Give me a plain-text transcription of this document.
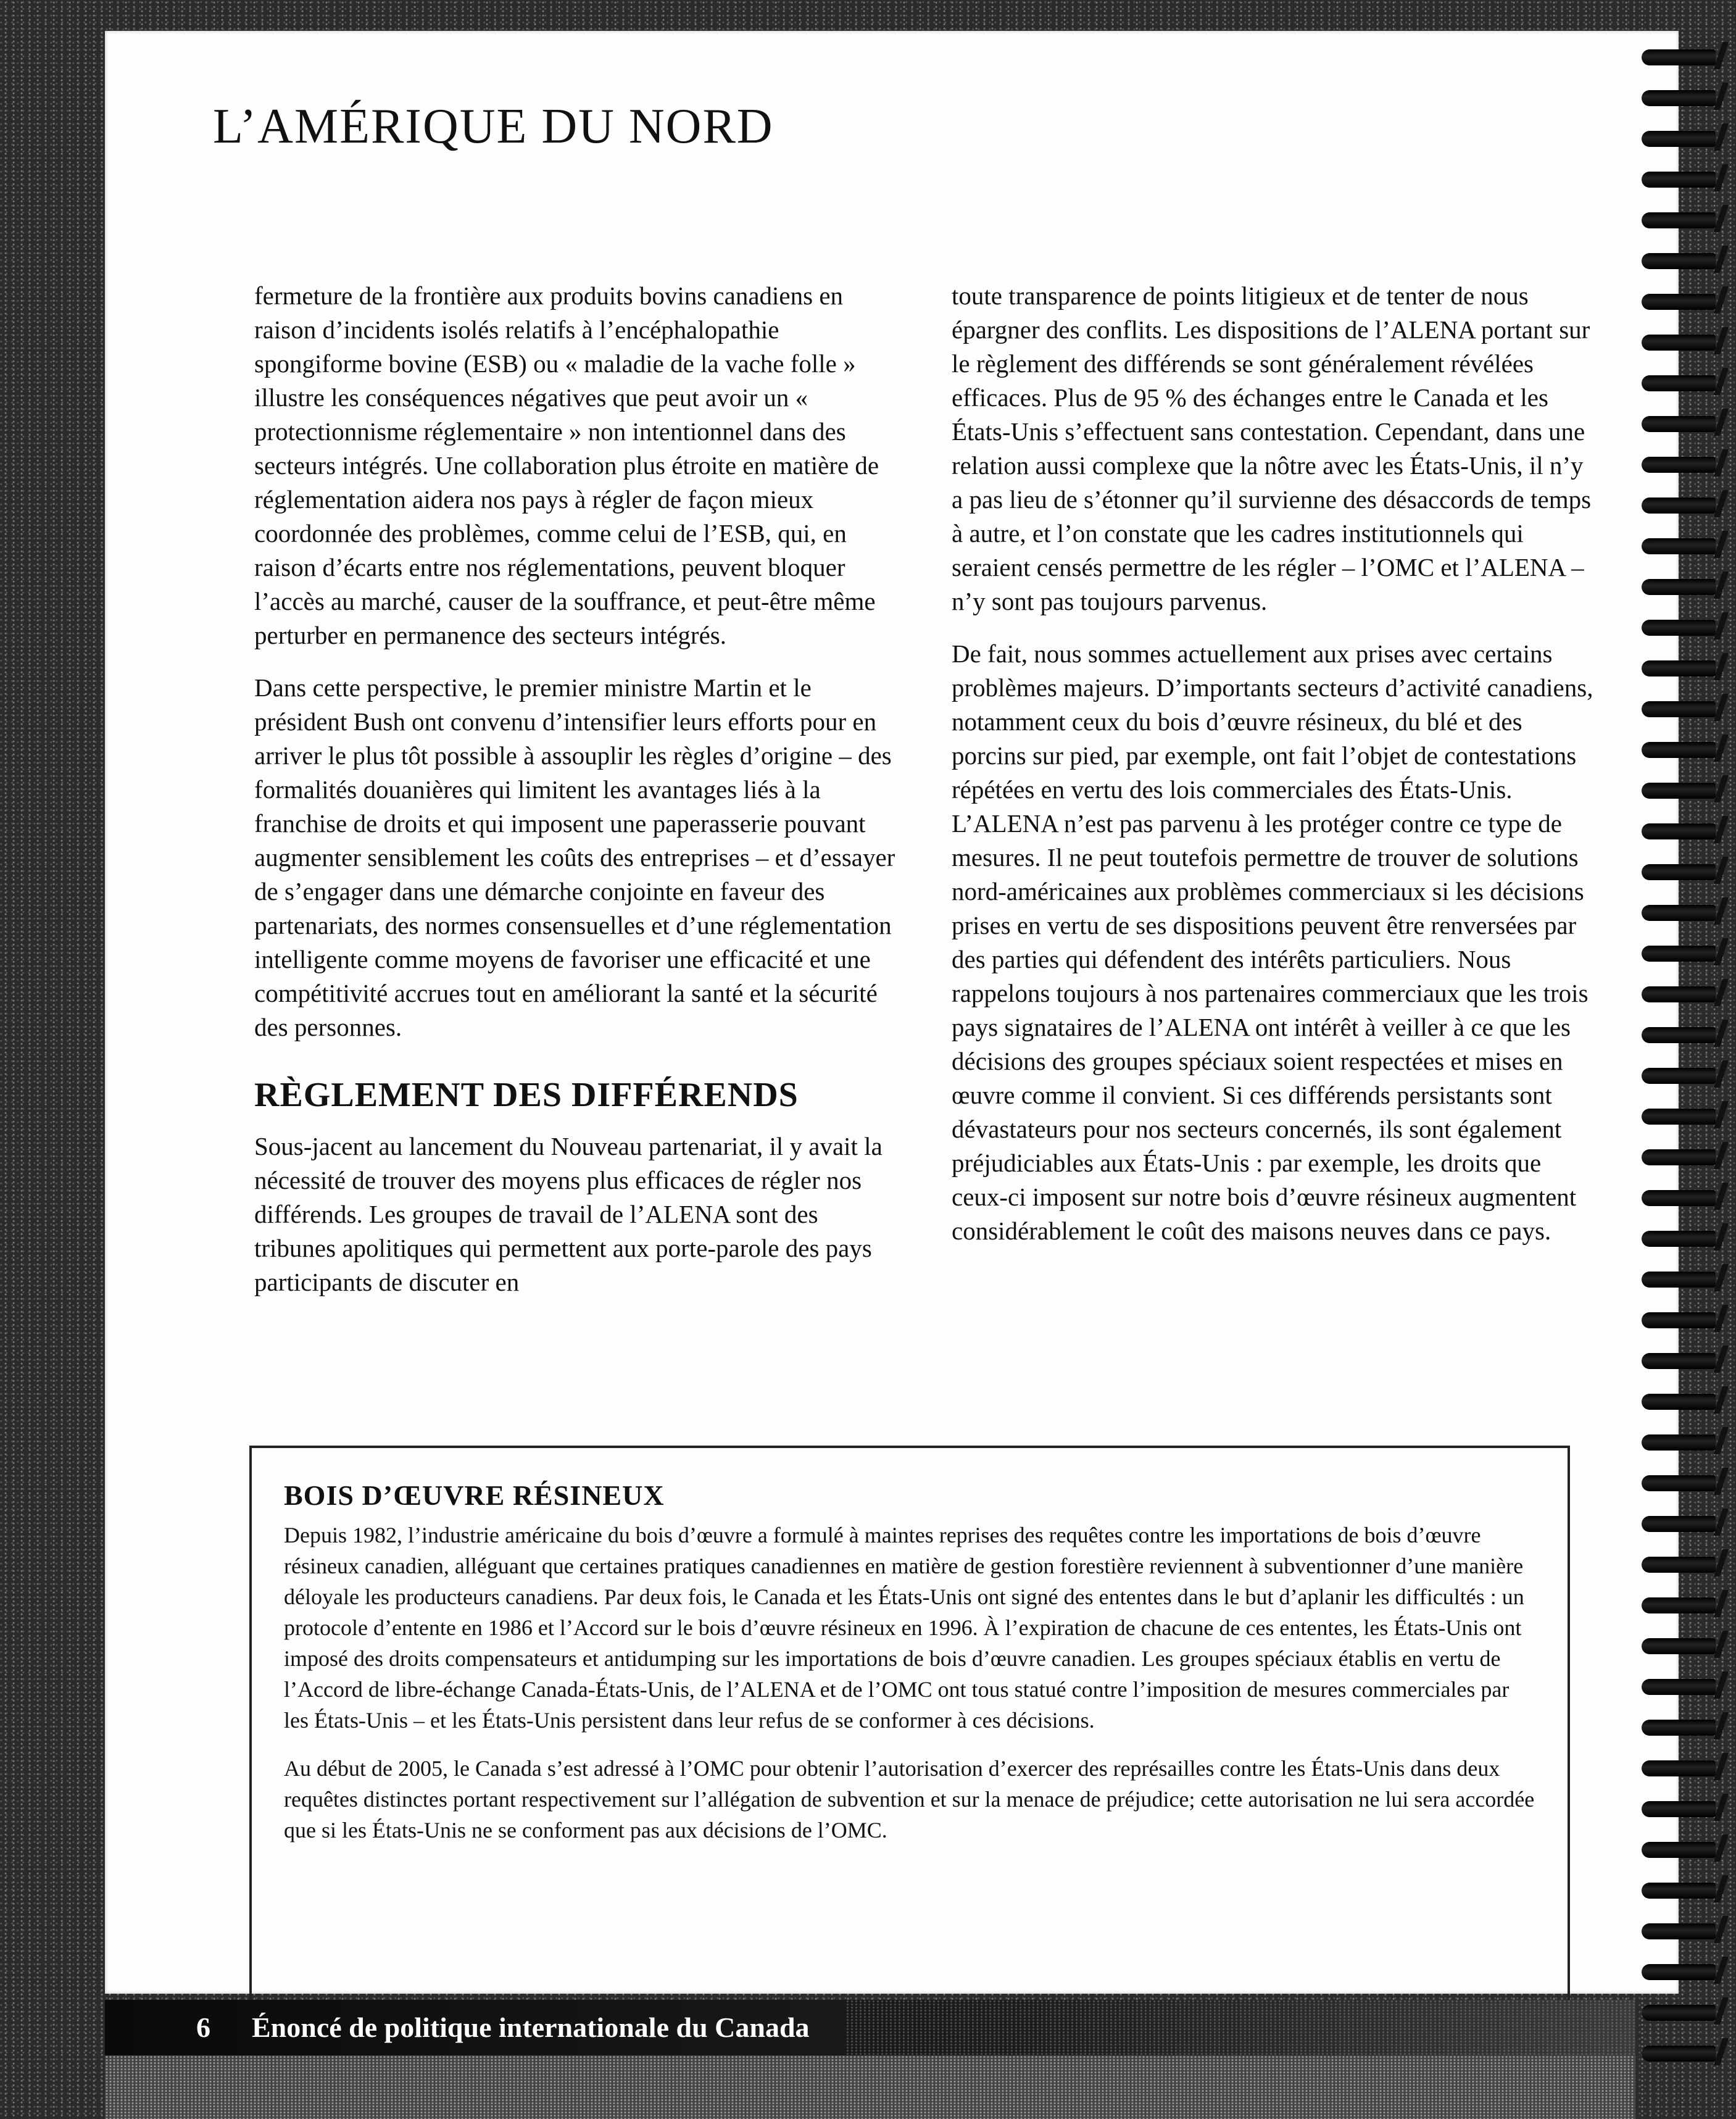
L’AMÉRIQUE DU NORD

fermeture de la frontière aux produits bovins canadiens en raison d’incidents isolés relatifs à l’encéphalopathie spongiforme bovine (ESB) ou « maladie de la vache folle » illustre les conséquences négatives que peut avoir un « protectionnisme réglementaire » non intentionnel dans des secteurs intégrés. Une collaboration plus étroite en matière de réglementation aidera nos pays à régler de façon mieux coordonnée des problèmes, comme celui de l’ESB, qui, en raison d’écarts entre nos réglementations, peuvent bloquer l’accès au marché, causer de la souffrance, et peut-être même perturber en permanence des secteurs intégrés.

Dans cette perspective, le premier ministre Martin et le président Bush ont convenu d’intensifier leurs efforts pour en arriver le plus tôt possible à assouplir les règles d’origine – des formalités douanières qui limitent les avantages liés à la franchise de droits et qui imposent une paperasserie pouvant augmenter sensiblement les coûts des entreprises – et d’essayer de s’engager dans une démarche conjointe en faveur des partenariats, des normes consensuelles et d’une réglementation intelligente comme moyens de favoriser une efficacité et une compétitivité accrues tout en améliorant la santé et la sécurité des personnes.

RÈGLEMENT DES DIFFÉRENDS

Sous-jacent au lancement du Nouveau partenariat, il y avait la nécessité de trouver des moyens plus efficaces de régler nos différends. Les groupes de travail de l’ALENA sont des tribunes apolitiques qui permettent aux porte-parole des pays participants de discuter en

toute transparence de points litigieux et de tenter de nous épargner des conflits. Les dispositions de l’ALENA portant sur le règlement des différends se sont généralement révélées efficaces. Plus de 95 % des échanges entre le Canada et les États-Unis s’effectuent sans contestation. Cependant, dans une relation aussi complexe que la nôtre avec les États-Unis, il n’y a pas lieu de s’étonner qu’il survienne des désaccords de temps à autre, et l’on constate que les cadres institutionnels qui seraient censés permettre de les régler – l’OMC et l’ALENA – n’y sont pas toujours parvenus.

De fait, nous sommes actuellement aux prises avec certains problèmes majeurs. D’importants secteurs d’activité canadiens, notamment ceux du bois d’œuvre résineux, du blé et des porcins sur pied, par exemple, ont fait l’objet de contestations répétées en vertu des lois commerciales des États-Unis. L’ALENA n’est pas parvenu à les protéger contre ce type de mesures. Il ne peut toutefois permettre de trouver de solutions nord-américaines aux problèmes commerciaux si les décisions prises en vertu de ses dispositions peuvent être renversées par des parties qui défendent des intérêts particuliers. Nous rappelons toujours à nos partenaires commerciaux que les trois pays signataires de l’ALENA ont intérêt à veiller à ce que les décisions des groupes spéciaux soient respectées et mises en œuvre comme il convient. Si ces différends persistants sont dévastateurs pour nos secteurs concernés, ils sont également préjudiciables aux États-Unis : par exemple, les droits que ceux-ci imposent sur notre bois d’œuvre résineux augmentent considérablement le coût des maisons neuves dans ce pays.

BOIS D’ŒUVRE RÉSINEUX

Depuis 1982, l’industrie américaine du bois d’œuvre a formulé à maintes reprises des requêtes contre les importations de bois d’œuvre résineux canadien, alléguant que certaines pratiques canadiennes en matière de gestion forestière reviennent à subventionner d’une manière déloyale les producteurs canadiens. Par deux fois, le Canada et les États-Unis ont signé des ententes dans le but d’aplanir les difficultés : un protocole d’entente en 1986 et l’Accord sur le bois d’œuvre résineux en 1996. À l’expiration de chacune de ces ententes, les États-Unis ont imposé des droits compensateurs et antidumping sur les importations de bois d’œuvre canadien. Les groupes spéciaux établis en vertu de l’Accord de libre-échange Canada-États-Unis, de l’ALENA et de l’OMC ont tous statué contre l’imposition de mesures commerciales par les États-Unis – et les États-Unis persistent dans leur refus de se conformer à ces décisions.

Au début de 2005, le Canada s’est adressé à l’OMC pour obtenir l’autorisation d’exercer des représailles contre les États-Unis dans deux requêtes distinctes portant respectivement sur l’allégation de subvention et sur la menace de préjudice; cette autorisation ne lui sera accordée que si les États-Unis ne se conforment pas aux décisions de l’OMC.

6 Énoncé de politique internationale du Canada
